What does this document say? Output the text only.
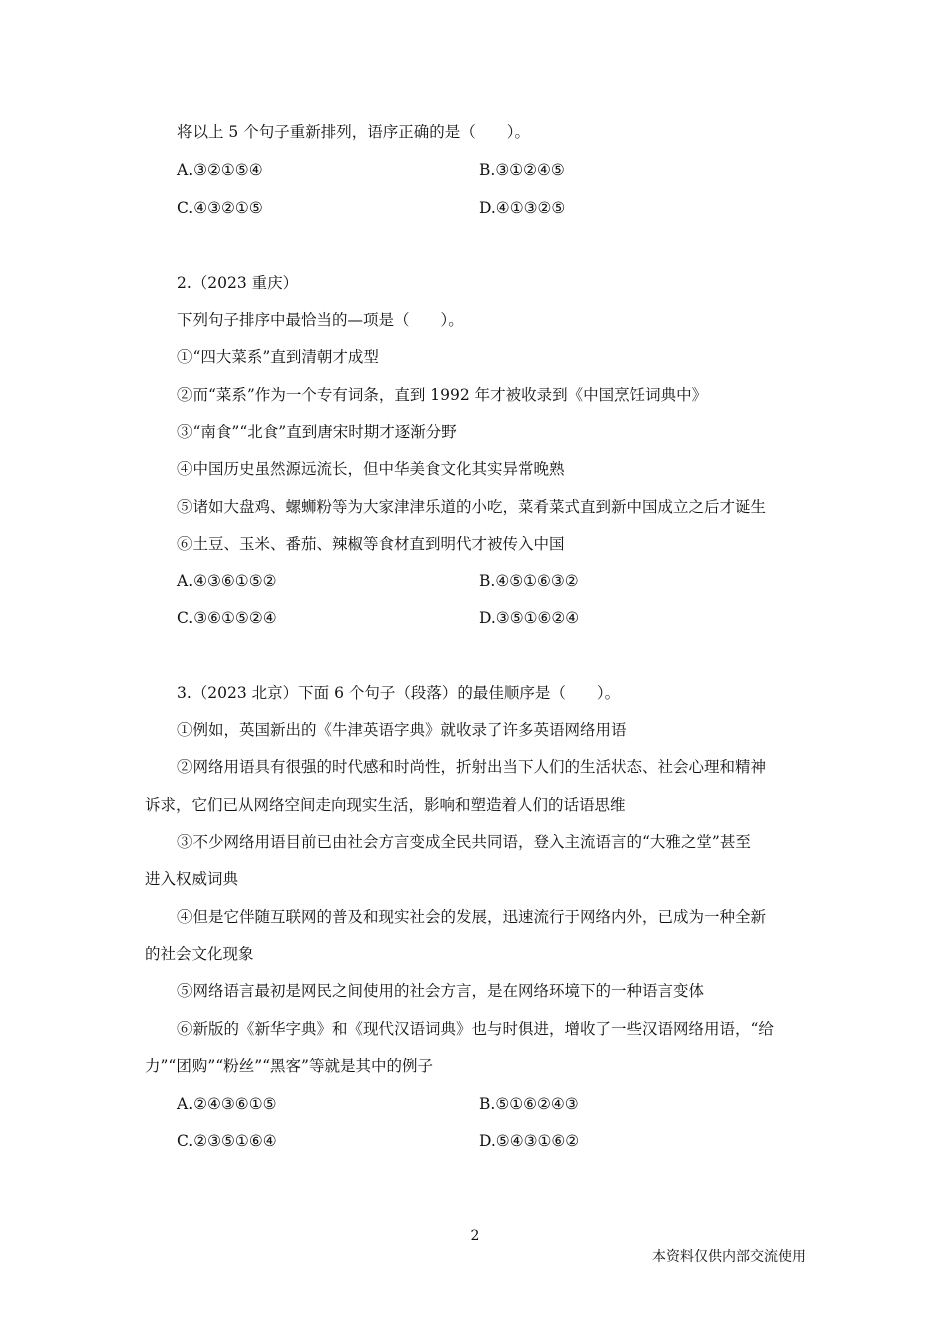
将以上 5 个句子重新排列，语序正确的是（　　）。
A.③②①⑤④	B.③①②④⑤
C.④③②①⑤	D.④①③②⑤
2.（2023 重庆）
下列句子排序中最恰当的—项是（　　）。
①“四大菜系”直到清朝才成型
②而“菜系”作为一个专有词条，直到 1992 年才被收录到《中国烹饪词典中》
③“南食”“北食”直到唐宋时期才逐渐分野
④中国历史虽然源远流长，但中华美食文化其实异常晚熟
⑤诸如大盘鸡、螺蛳粉等为大家津津乐道的小吃，菜肴菜式直到新中国成立之后才诞生
⑥土豆、玉米、番茄、辣椒等食材直到明代才被传入中国
A.④③⑥①⑤②	B.④⑤①⑥③②
C.③⑥①⑤②④	D.③⑤①⑥②④
3.（2023 北京）下面 6 个句子（段落）的最佳顺序是（　　）。
①例如，英国新出的《牛津英语字典》就收录了许多英语网络用语
②网络用语具有很强的时代感和时尚性，折射出当下人们的生活状态、社会心理和精神
诉求，它们已从网络空间走向现实生活，影响和塑造着人们的话语思维
③不少网络用语目前已由社会方言变成全民共同语，登入主流语言的“大雅之堂”甚至
进入权威词典
④但是它伴随互联网的普及和现实社会的发展，迅速流行于网络内外，已成为一种全新
的社会文化现象
⑤网络语言最初是网民之间使用的社会方言，是在网络环境下的一种语言变体
⑥新版的《新华字典》和《现代汉语词典》也与时俱进，增收了一些汉语网络用语，“给
力”“团购”“粉丝”“黑客”等就是其中的例子
A.②④③⑥①⑤	B.⑤①⑥②④③
C.②③⑤①⑥④	D.⑤④③①⑥②
2
本资料仅供内部交流使用
